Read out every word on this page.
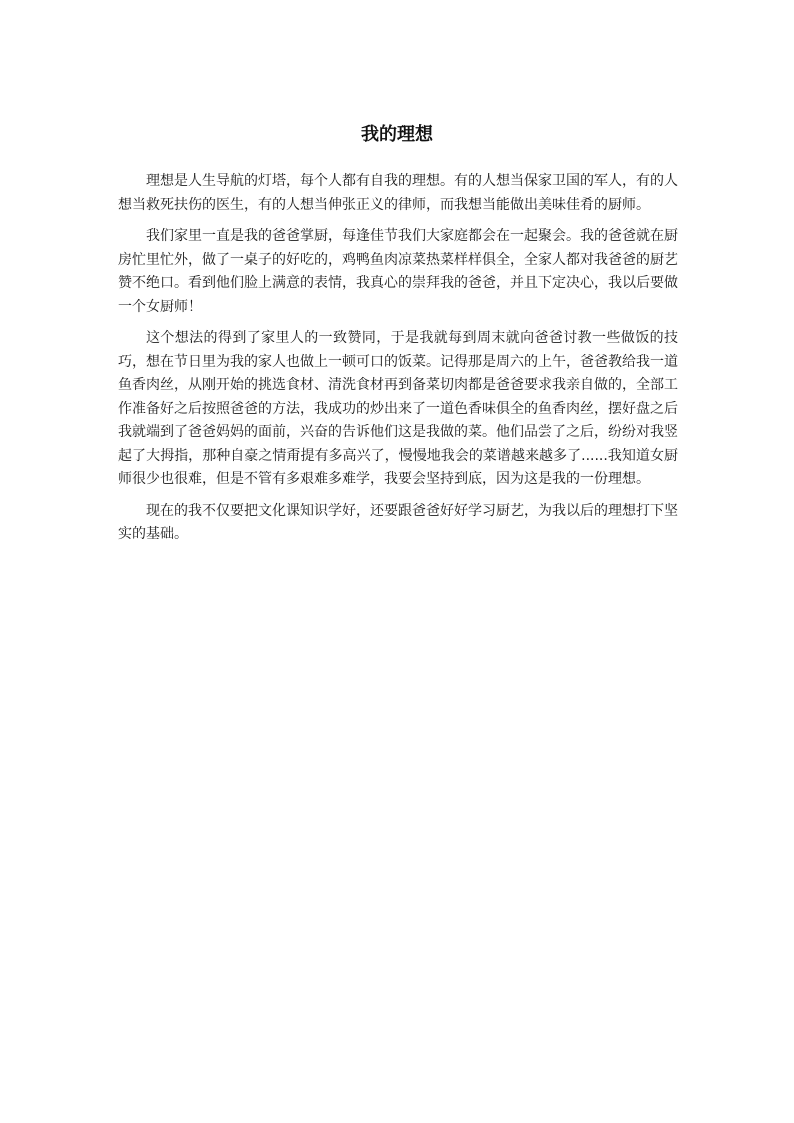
我的理想

理想是人生导航的灯塔，每个人都有自我的理想。有的人想当保家卫国的军人，有的人想当救死扶伤的医生，有的人想当伸张正义的律师，而我想当能做出美味佳肴的厨师。

我们家里一直是我的爸爸掌厨，每逢佳节我们大家庭都会在一起聚会。我的爸爸就在厨房忙里忙外，做了一桌子的好吃的，鸡鸭鱼肉凉菜热菜样样俱全，全家人都对我爸爸的厨艺赞不绝口。看到他们脸上满意的表情，我真心的崇拜我的爸爸，并且下定决心，我以后要做一个女厨师！

这个想法的得到了家里人的一致赞同，于是我就每到周末就向爸爸讨教一些做饭的技巧，想在节日里为我的家人也做上一顿可口的饭菜。记得那是周六的上午，爸爸教给我一道鱼香肉丝，从刚开始的挑选食材、清洗食材再到备菜切肉都是爸爸要求我亲自做的，全部工作准备好之后按照爸爸的方法，我成功的炒出来了一道色香味俱全的鱼香肉丝，摆好盘之后我就端到了爸爸妈妈的面前，兴奋的告诉他们这是我做的菜。他们品尝了之后，纷纷对我竖起了大拇指，那种自豪之情甭提有多高兴了，慢慢地我会的菜谱越来越多了......我知道女厨师很少也很难，但是不管有多艰难多难学，我要会坚持到底，因为这是我的一份理想。

现在的我不仅要把文化课知识学好，还要跟爸爸好好学习厨艺，为我以后的理想打下坚实的基础。
